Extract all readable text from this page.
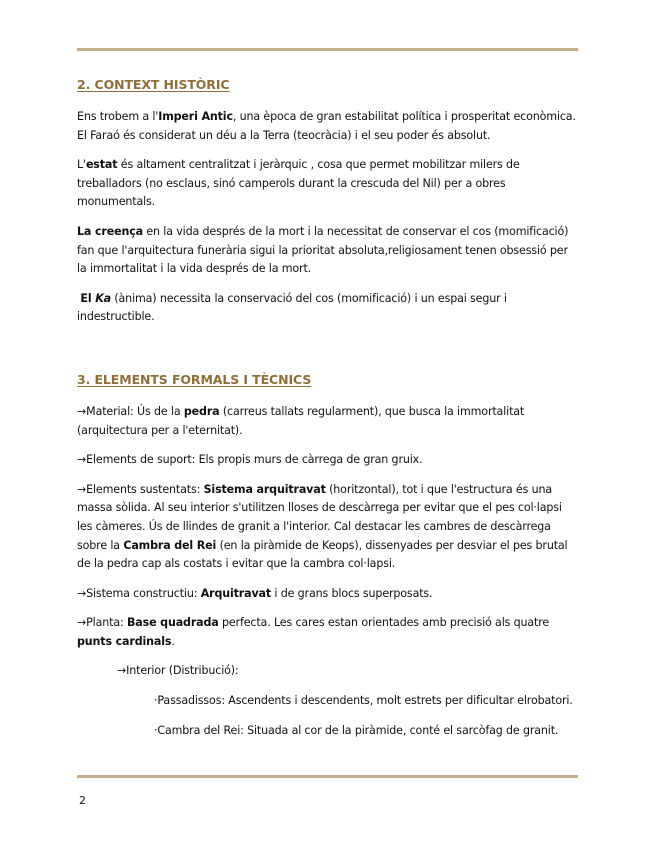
2. CONTEXT HISTÒRIC

Ens trobem a l'Imperi Antic, una època de gran estabilitat política i prosperitat econòmica. El Faraó és considerat un déu a la Terra (teocràcia) i el seu poder és absolut.

L'estat és altament centralitzat i jeràrquic , cosa que permet mobilitzar milers de treballadors (no esclaus, sinó camperols durant la crescuda del Nil) per a obres monumentals.

La creença en la vida després de la mort i la necessitat de conservar el cos (momificació) fan que l'arquitectura funerària sigui la prioritat absoluta,religiosament tenen obsessió per la immortalitat i la vida després de la mort.

El Ka (ànima) necessita la conservació del cos (momificació) i un espai segur i indestructible.

3. ELEMENTS FORMALS I TÈCNICS

→Material: Ús de la pedra (carreus tallats regularment), que busca la immortalitat (arquitectura per a l'eternitat).

→Elements de suport: Els propis murs de càrrega de gran gruix.

→Elements sustentats: Sistema arquitravat (horitzontal), tot i que l'estructura és una massa sòlida. Al seu interior s'utilitzen lloses de descàrrega per evitar que el pes col·lapsi les càmeres. Ús de llindes de granit a l'interior. Cal destacar les cambres de descàrrega sobre la Cambra del Rei (en la piràmide de Keops), dissenyades per desviar el pes brutal de la pedra cap als costats i evitar que la cambra col·lapsi.

→Sistema constructiu: Arquitravat i de grans blocs superposats.

→Planta: Base quadrada perfecta. Les cares estan orientades amb precisió als quatre punts cardinals.

→Interior (Distribució):

·Passadissos: Ascendents i descendents, molt estrets per dificultar elrobatori.

·Cambra del Rei: Situada al cor de la piràmide, conté el sarcòfag de granit.

2
